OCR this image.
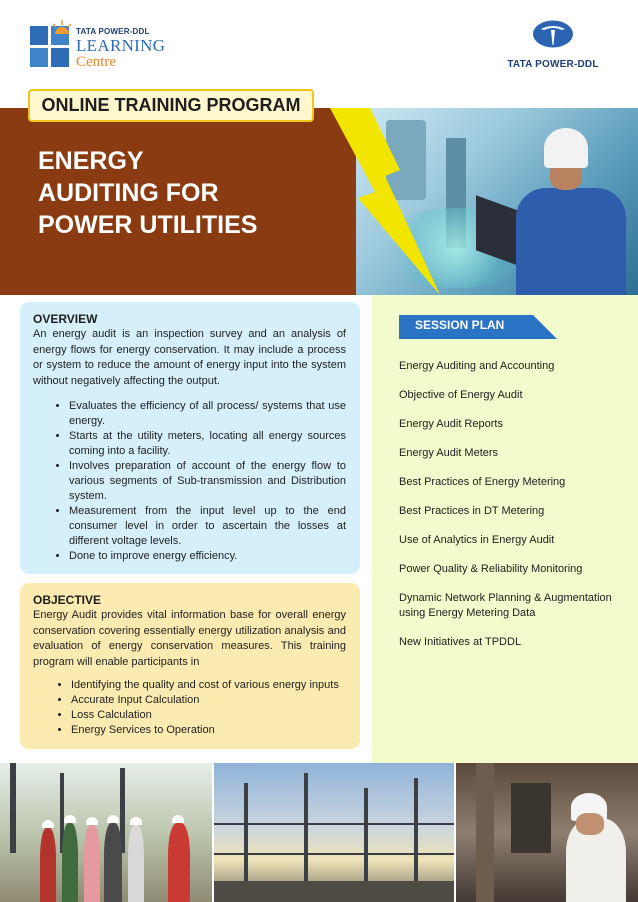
TATA POWER-DDL
LEARNING
Centre	TATA POWER-DDL
ONLINE TRAINING PROGRAM
ENERGY
AUDITING FOR
POWER UTILITIES
OVERVIEW
An energy audit is an inspection survey and an analysis of energy flows for energy conservation. It may include a process or system to reduce the amount of energy input into the system without negatively affecting the output.
• Evaluates the efficiency of all process/ systems that use energy.
• Starts at the utility meters, locating all energy sources coming into a facility.
• Involves preparation of account of the energy flow to various segments of Sub-transmission and Distribution system.
• Measurement from the input level up to the end consumer level in order to ascertain the losses at different voltage levels.
• Done to improve energy efficiency.
OBJECTIVE
Energy Audit provides vital information base for overall energy conservation covering essentially energy utilization analysis and evaluation of energy conservation measures. This training program will enable participants in
• Identifying the quality and cost of various energy inputs
• Accurate Input Calculation
• Loss Calculation
• Energy Services to Operation
SESSION PLAN
Energy Auditing and Accounting
Objective of Energy Audit
Energy Audit Reports
Energy Audit Meters
Best Practices of Energy Metering
Best Practices in DT Metering
Use of Analytics in Energy Audit
Power Quality & Reliability Monitoring
Dynamic Network Planning & Augmentation using Energy Metering Data
New Initiatives at TPDDL
